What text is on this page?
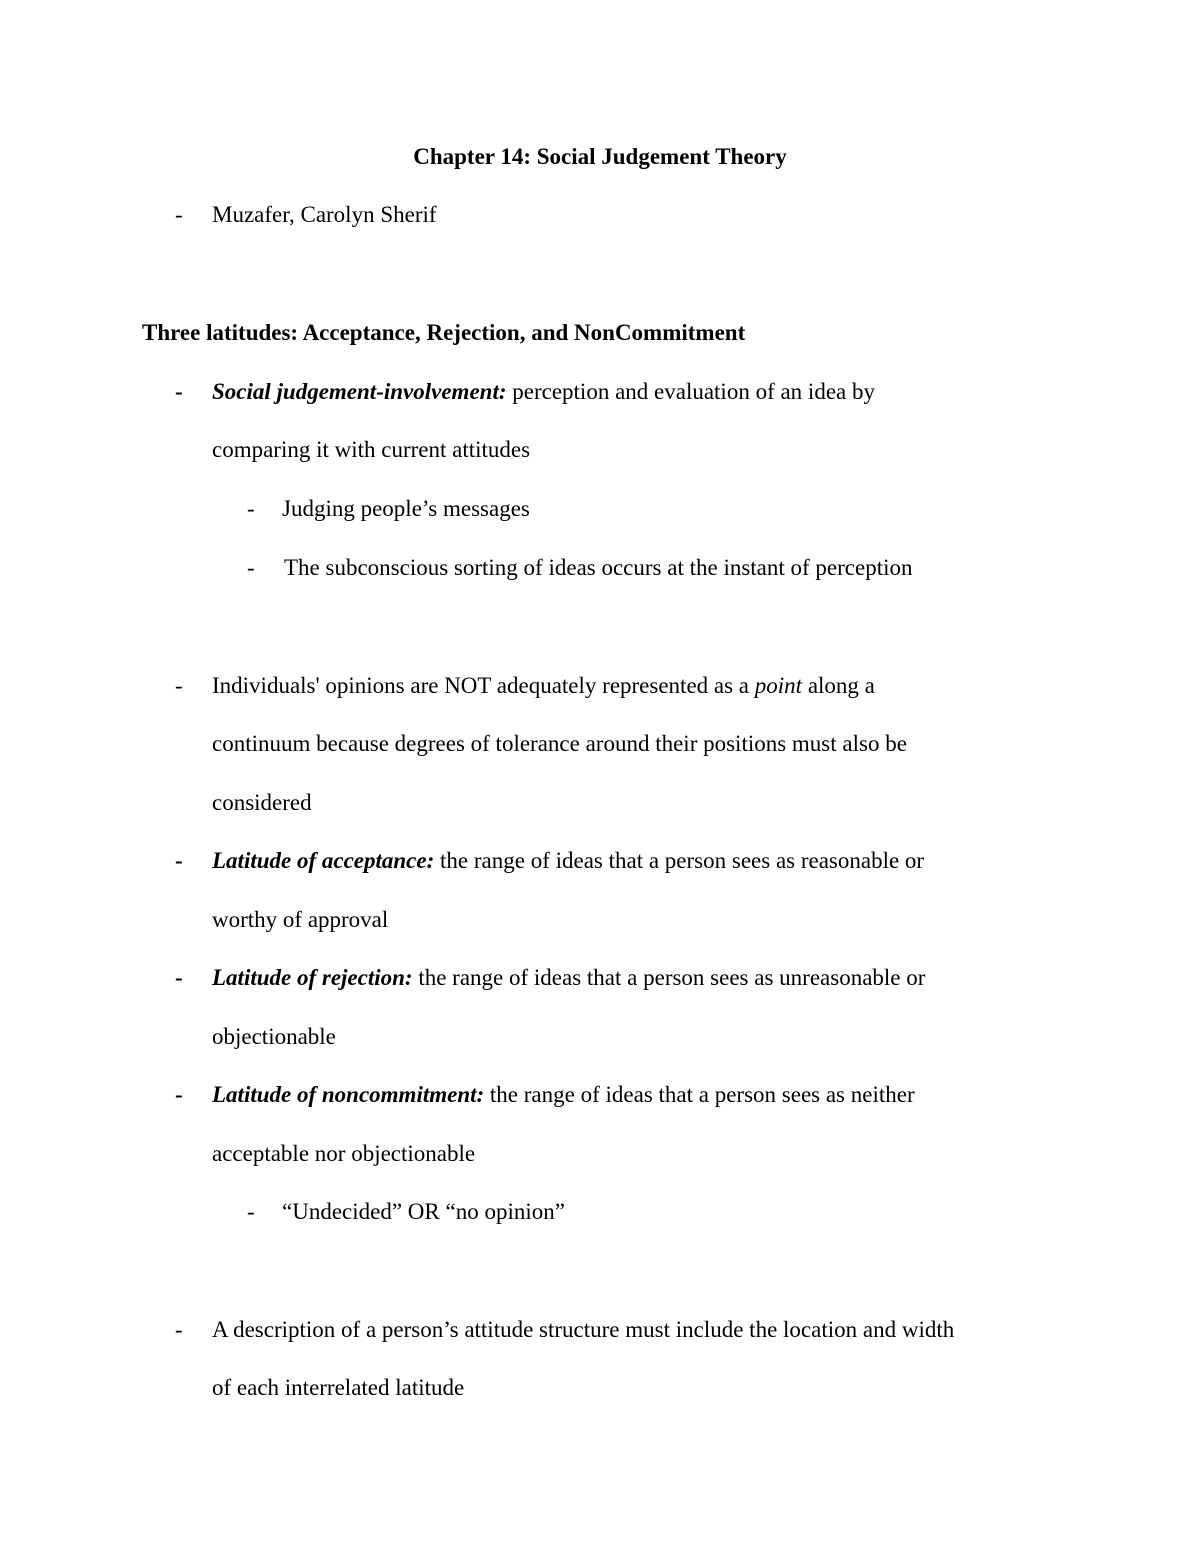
Chapter 14: Social Judgement Theory
- Muzafer, Carolyn Sherif
Three latitudes: Acceptance, Rejection, and NonCommitment
- Social judgement-involvement: perception and evaluation of an idea by
comparing it with current attitudes
- Judging people’s messages
- The subconscious sorting of ideas occurs at the instant of perception
- Individuals' opinions are NOT adequately represented as a point along a
continuum because degrees of tolerance around their positions must also be
considered
- Latitude of acceptance: the range of ideas that a person sees as reasonable or
worthy of approval
- Latitude of rejection: the range of ideas that a person sees as unreasonable or
objectionable
- Latitude of noncommitment: the range of ideas that a person sees as neither
acceptable nor objectionable
- “Undecided” OR “no opinion”
- A description of a person’s attitude structure must include the location and width
of each interrelated latitude
